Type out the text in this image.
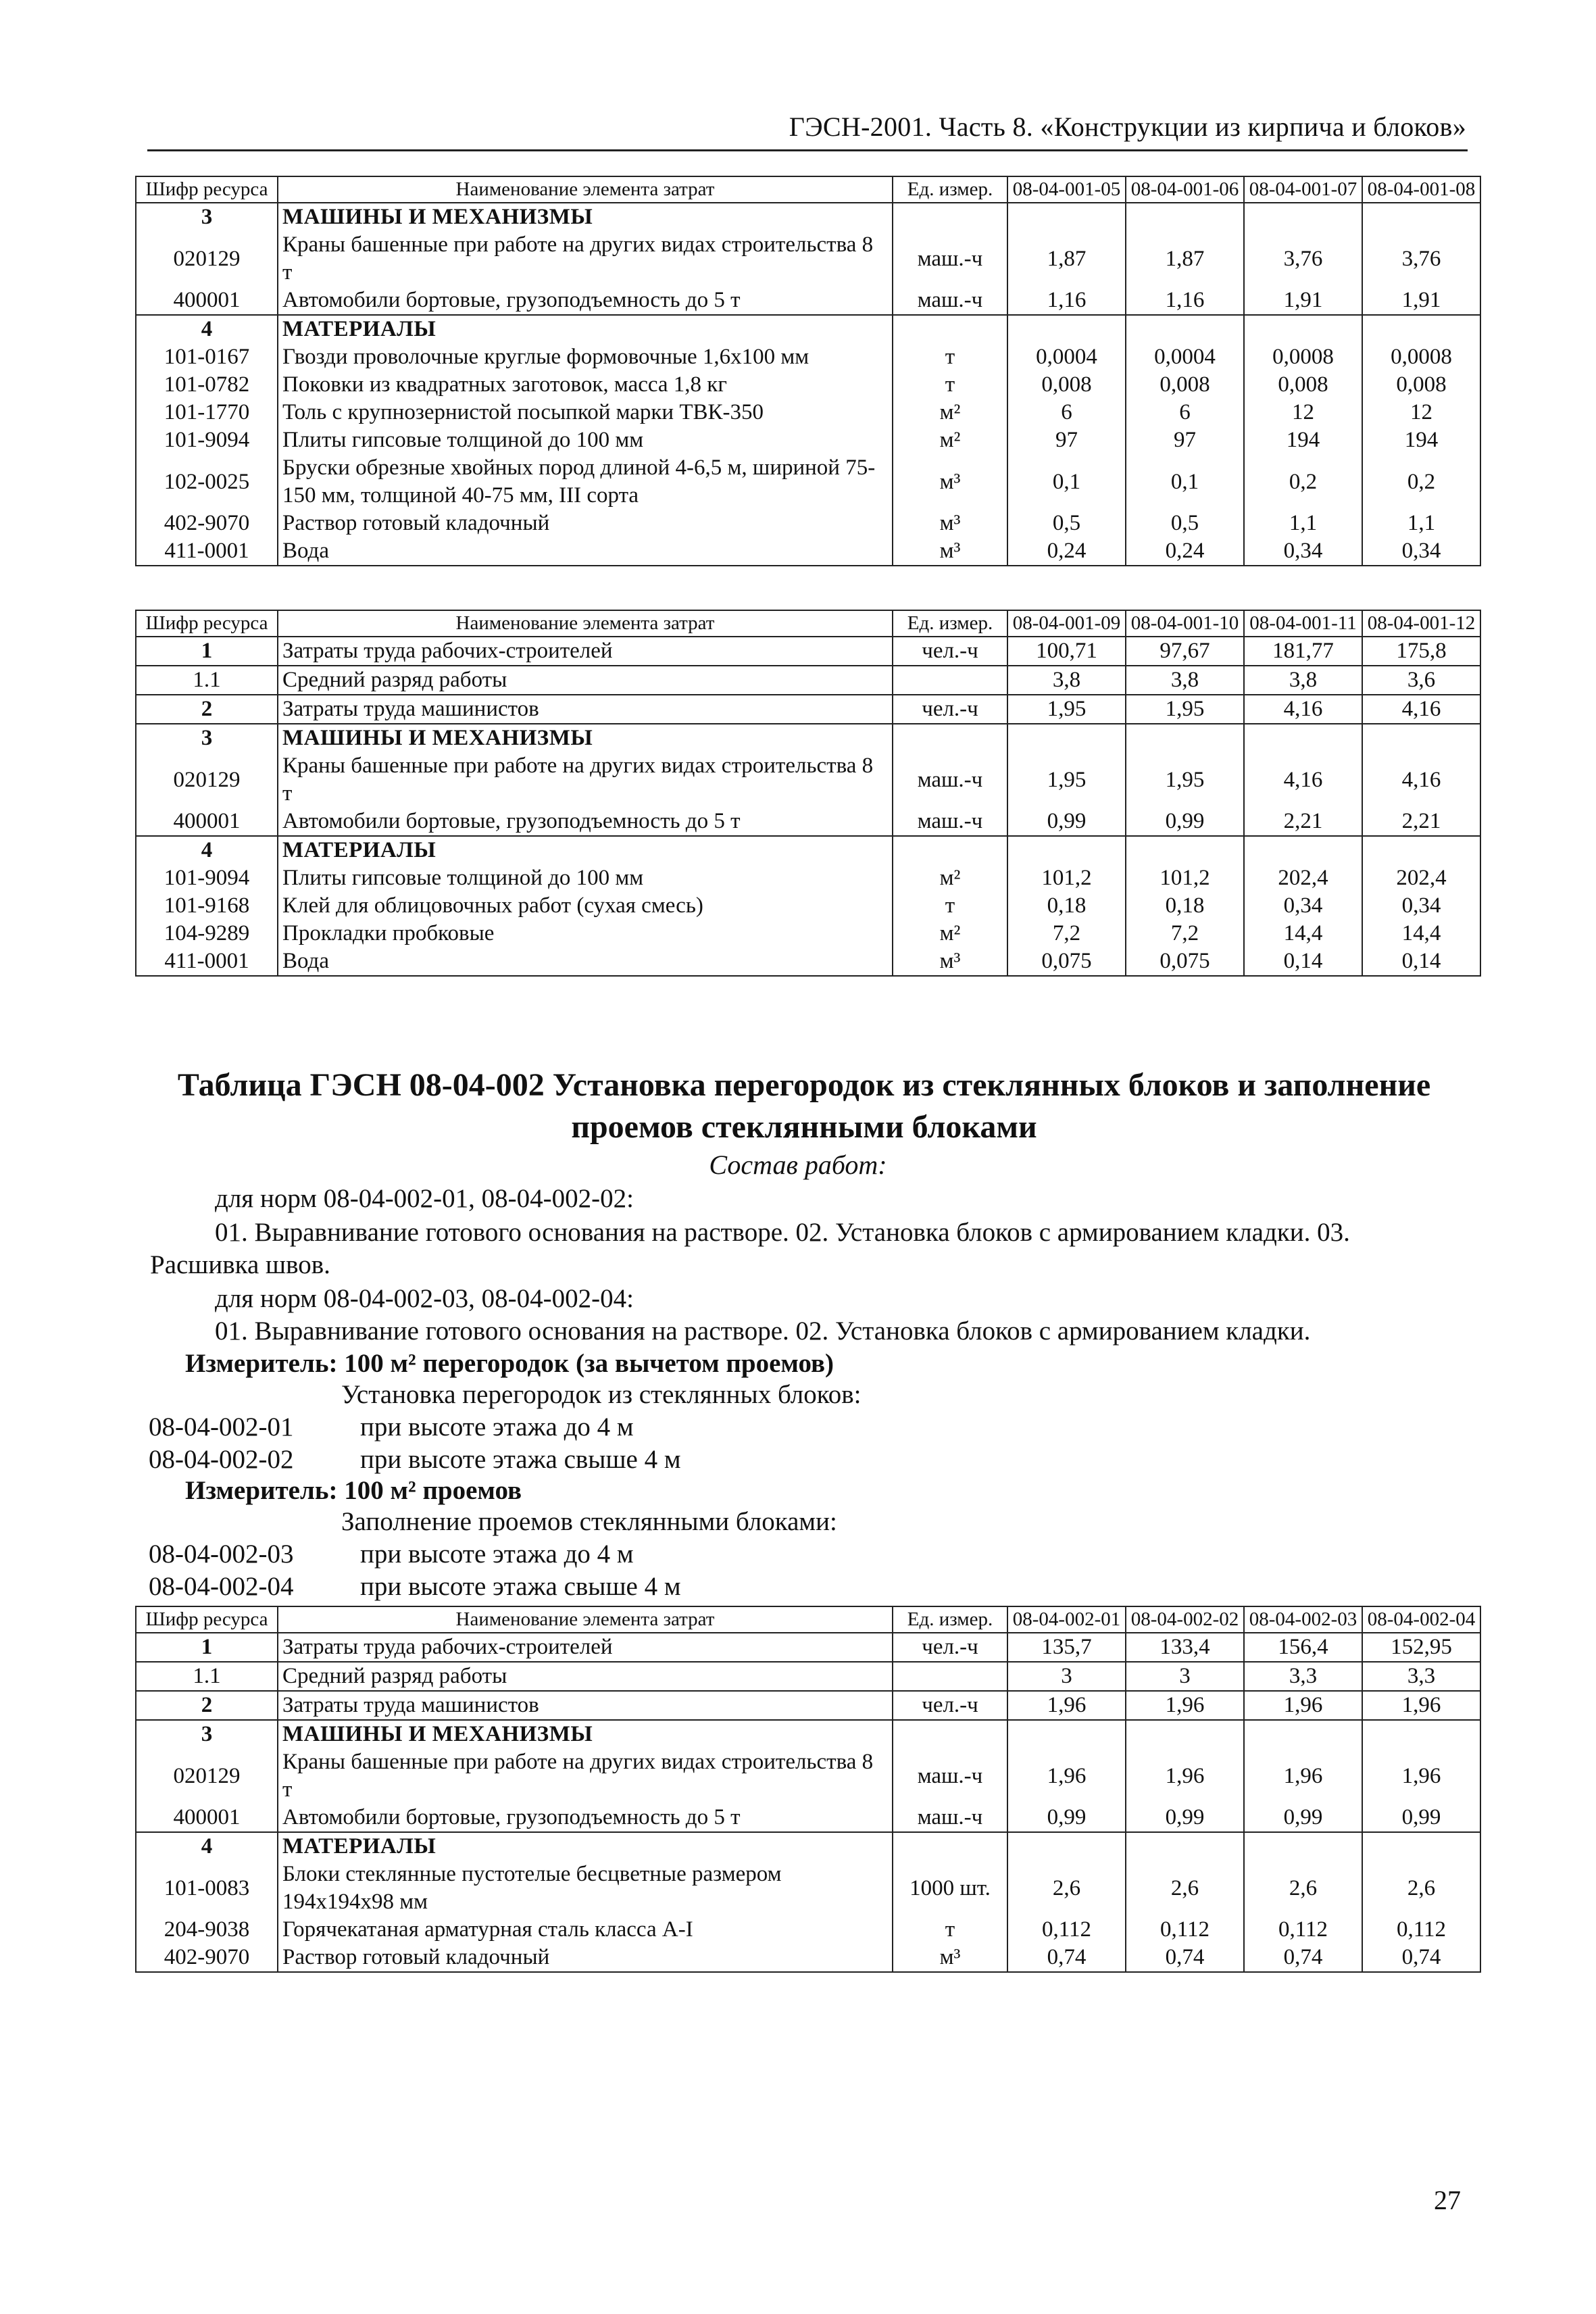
ГЭСН-2001. Часть 8. «Конструкции из кирпича и блоков»
Шифр ресурса	Наименование элемента затрат	Ед. измер.	08-04-001-05	08-04-001-06	08-04-001-07	08-04-001-08
3	МАШИНЫ И МЕХАНИЗМЫ					
020129	Краны башенные при работе на других видах строительства 8 т	маш.-ч	1,87	1,87	3,76	3,76
400001	Автомобили бортовые, грузоподъемность до 5 т	маш.-ч	1,16	1,16	1,91	1,91
4	МАТЕРИАЛЫ					
101-0167	Гвозди проволочные круглые формовочные 1,6х100 мм	т	0,0004	0,0004	0,0008	0,0008
101-0782	Поковки из квадратных заготовок, масса 1,8 кг	т	0,008	0,008	0,008	0,008
101-1770	Толь с крупнозернистой посыпкой марки ТВК-350	м²	6	6	12	12
101-9094	Плиты гипсовые толщиной до 100 мм	м²	97	97	194	194
102-0025	Бруски обрезные хвойных пород длиной 4-6,5 м, шириной 75-150 мм, толщиной 40-75 мм, III сорта	м³	0,1	0,1	0,2	0,2
402-9070	Раствор готовый кладочный	м³	0,5	0,5	1,1	1,1
411-0001	Вода	м³	0,24	0,24	0,34	0,34
Шифр ресурса	Наименование элемента затрат	Ед. измер.	08-04-001-09	08-04-001-10	08-04-001-11	08-04-001-12
1	Затраты труда рабочих-строителей	чел.-ч	100,71	97,67	181,77	175,8
1.1	Средний разряд работы		3,8	3,8	3,8	3,6
2	Затраты труда машинистов	чел.-ч	1,95	1,95	4,16	4,16
3	МАШИНЫ И МЕХАНИЗМЫ					
020129	Краны башенные при работе на других видах строительства 8 т	маш.-ч	1,95	1,95	4,16	4,16
400001	Автомобили бортовые, грузоподъемность до 5 т	маш.-ч	0,99	0,99	2,21	2,21
4	МАТЕРИАЛЫ					
101-9094	Плиты гипсовые толщиной до 100 мм	м²	101,2	101,2	202,4	202,4
101-9168	Клей для облицовочных работ (сухая смесь)	т	0,18	0,18	0,34	0,34
104-9289	Прокладки пробковые	м²	7,2	7,2	14,4	14,4
411-0001	Вода	м³	0,075	0,075	0,14	0,14
Таблица ГЭСН 08-04-002 Установка перегородок из стеклянных блоков и заполнение проемов стеклянными блоками
Состав работ:
для норм 08-04-002-01, 08-04-002-02:
01. Выравнивание готового основания на растворе. 02. Установка блоков с армированием кладки. 03.
Расшивка швов.
для норм 08-04-002-03, 08-04-002-04:
01. Выравнивание готового основания на растворе. 02. Установка блоков с армированием кладки.
Измеритель: 100 м² перегородок (за вычетом проемов)
Установка перегородок из стеклянных блоков:
08-04-002-01	при высоте этажа до 4 м
08-04-002-02	при высоте этажа свыше 4 м
Измеритель: 100 м² проемов
Заполнение проемов стеклянными блоками:
08-04-002-03	при высоте этажа до 4 м
08-04-002-04	при высоте этажа свыше 4 м
Шифр ресурса	Наименование элемента затрат	Ед. измер.	08-04-002-01	08-04-002-02	08-04-002-03	08-04-002-04
1	Затраты труда рабочих-строителей	чел.-ч	135,7	133,4	156,4	152,95
1.1	Средний разряд работы		3	3	3,3	3,3
2	Затраты труда машинистов	чел.-ч	1,96	1,96	1,96	1,96
3	МАШИНЫ И МЕХАНИЗМЫ					
020129	Краны башенные при работе на других видах строительства 8 т	маш.-ч	1,96	1,96	1,96	1,96
400001	Автомобили бортовые, грузоподъемность до 5 т	маш.-ч	0,99	0,99	0,99	0,99
4	МАТЕРИАЛЫ					
101-0083	Блоки стеклянные пустотелые бесцветные размером 194х194х98 мм	1000 шт.	2,6	2,6	2,6	2,6
204-9038	Горячекатаная арматурная сталь класса А-I	т	0,112	0,112	0,112	0,112
402-9070	Раствор готовый кладочный	м³	0,74	0,74	0,74	0,74
27
